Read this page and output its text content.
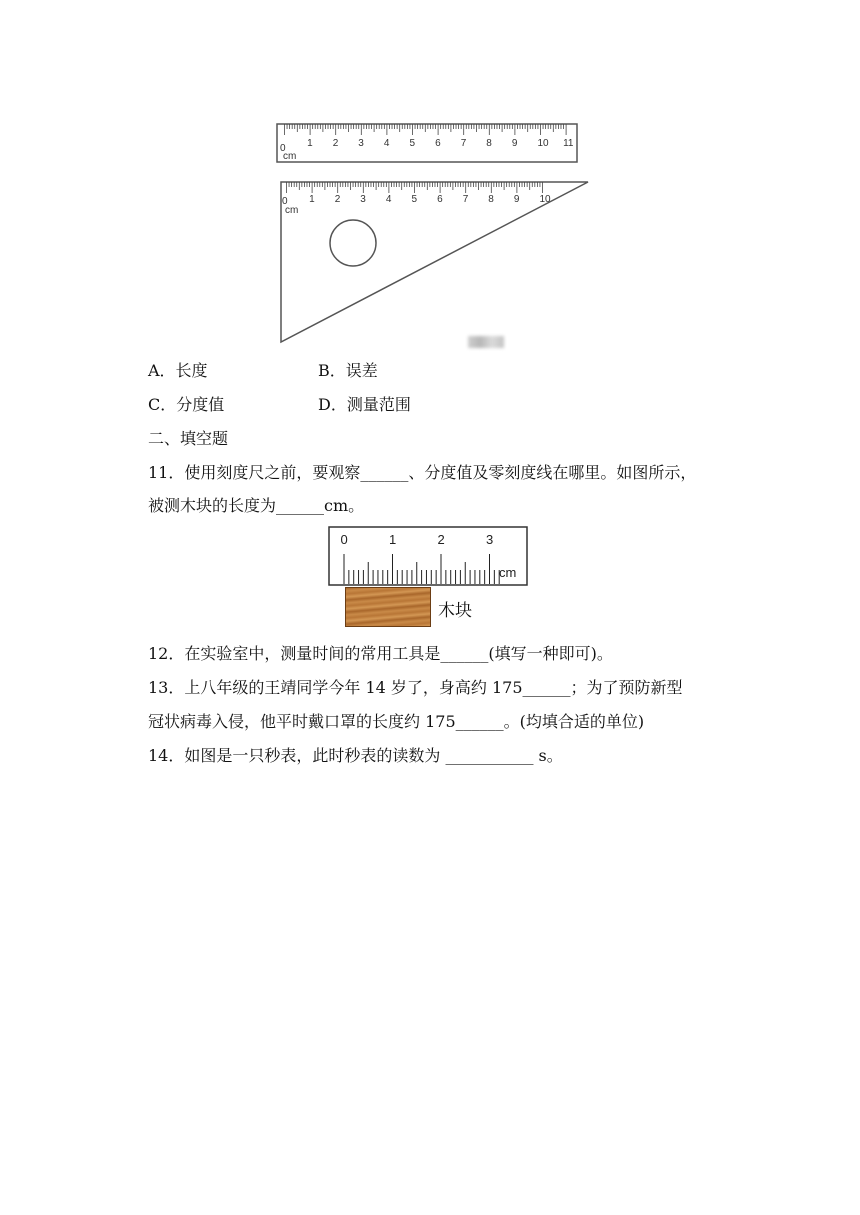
0
cm
1 2 3 4 5 6 7 8 9 10 11
0
cm
1 2 3 4 5 6 7 8 9 10
A．长度	B．误差
C．分度值	D．测量范围
二、填空题
11．使用刻度尺之前，要观察______、分度值及零刻度线在哪里。如图所示，
被测木块的长度为______cm。
0	1	2	3
cm
木块
12．在实验室中，测量时间的常用工具是______(填写一种即可)。
13．上八年级的王靖同学今年 14 岁了，身高约 175______；为了预防新型
冠状病毒入侵，他平时戴口罩的长度约 175______。(均填合适的单位)
14．如图是一只秒表，此时秒表的读数为 ___________ s。
